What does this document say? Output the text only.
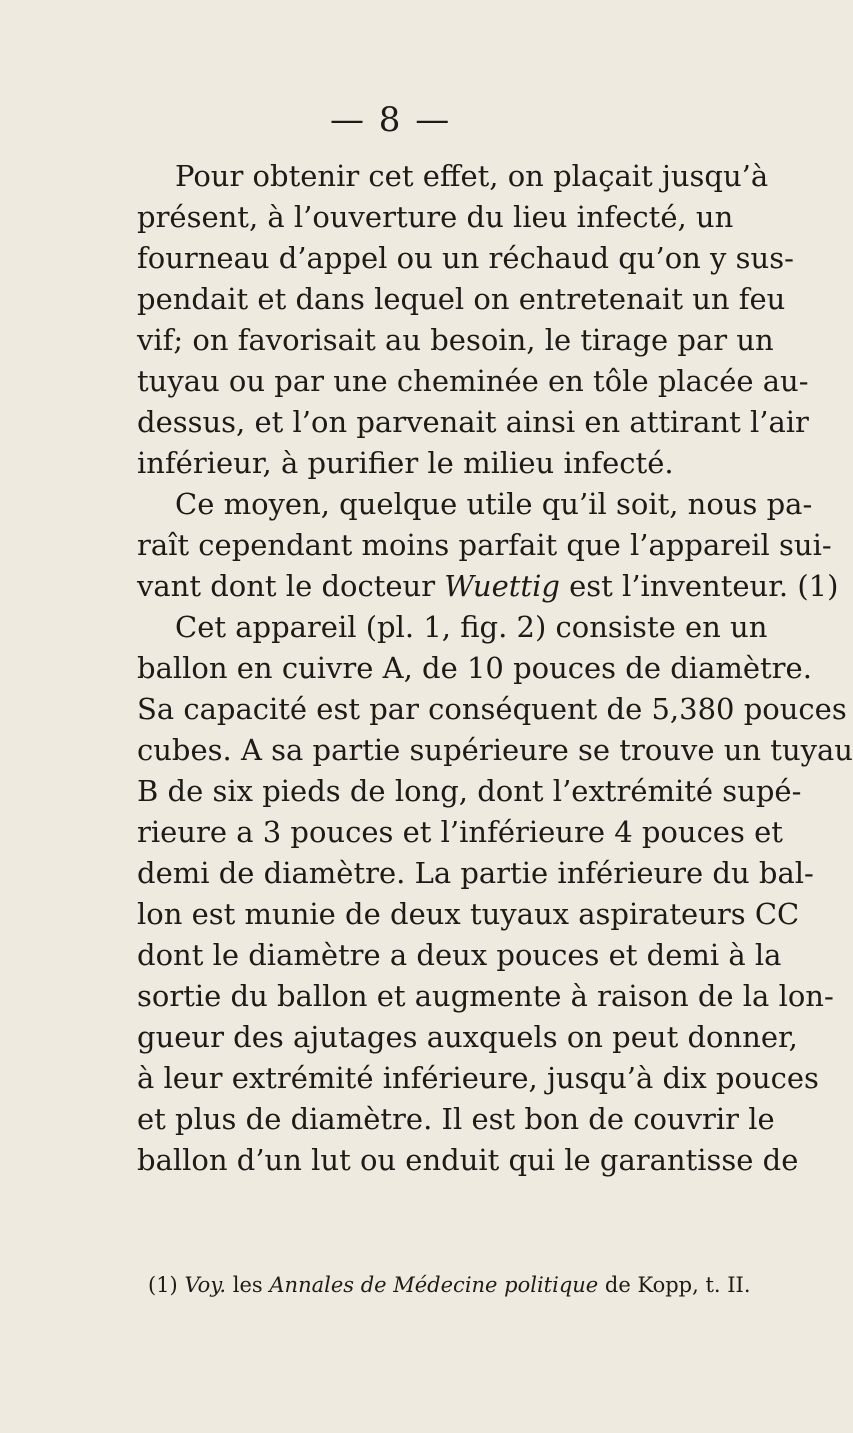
— 8 —
Pour obtenir cet effet, on plaçait jusqu’à
présent, à l’ouverture du lieu infecté, un
fourneau d’appel ou un réchaud qu’on y sus-
pendait et dans lequel on entretenait un feu
vif; on favorisait au besoin, le tirage par un
tuyau ou par une cheminée en tôle placée au-
dessus, et l’on parvenait ainsi en attirant l’air
inférieur, à purifier le milieu infecté.
Ce moyen, quelque utile qu’il soit, nous pa-
raît cependant moins parfait que l’appareil sui-
vant dont le docteur Wuettig est l’inventeur. (1)
Cet appareil (pl. 1, fig. 2) consiste en un
ballon en cuivre A, de 10 pouces de diamètre.
Sa capacité est par conséquent de 5,380 pouces
cubes. A sa partie supérieure se trouve un tuyau
B de six pieds de long, dont l’extrémité supé-
rieure a 3 pouces et l’inférieure 4 pouces et
demi de diamètre. La partie inférieure du bal-
lon est munie de deux tuyaux aspirateurs CC
dont le diamètre a deux pouces et demi à la
sortie du ballon et augmente à raison de la lon-
gueur des ajutages auxquels on peut donner,
à leur extrémité inférieure, jusqu’à dix pouces
et plus de diamètre. Il est bon de couvrir le
ballon d’un lut ou enduit qui le garantisse de
(1) Voy. les Annales de Médecine politique de Kopp, t. II.
